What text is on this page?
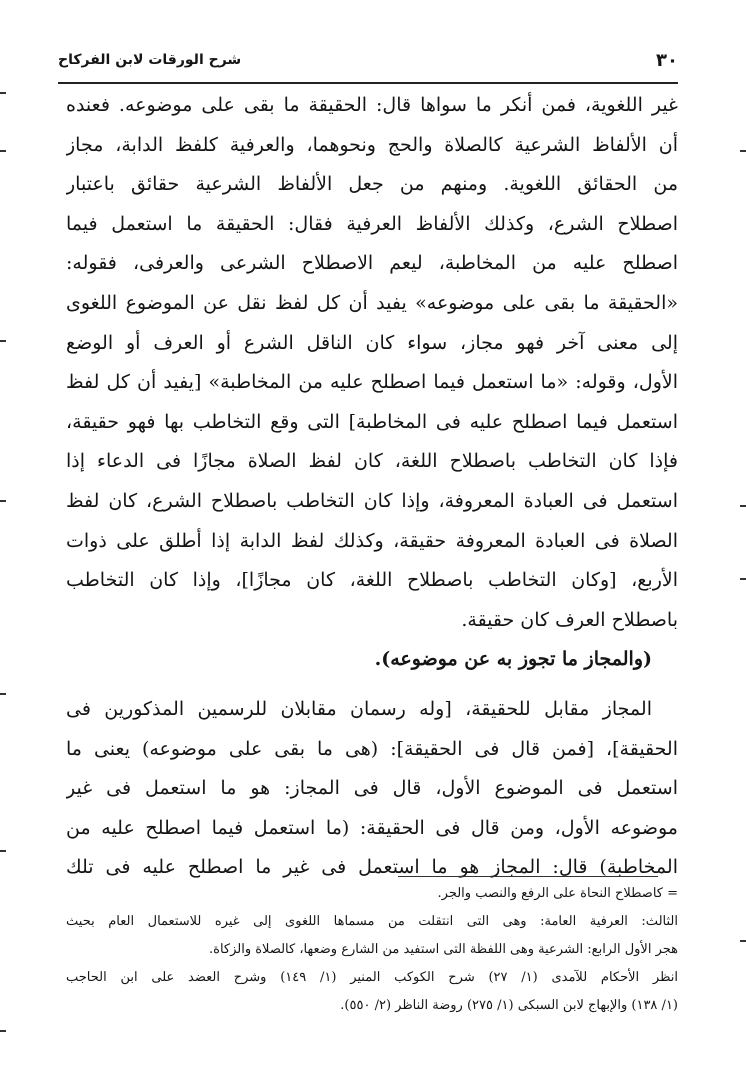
٣٠
شرح الورقات لابن الفركاح
غير اللغوية، فمن أنكر ما سواها قال: الحقيقة ما بقى على موضوعه. فعنده
أن الألفاظ الشرعية كالصلاة والحج ونحوهما، والعرفية كلفظ الدابة، مجاز
من الحقائق اللغوية. ومنهم من جعل الألفاظ الشرعية حقائق باعتبار
اصطلاح الشرع، وكذلك الألفاظ العرفية فقال: الحقيقة ما استعمل فيما
اصطلح عليه من المخاطبة، ليعم الاصطلاح الشرعى والعرفى، فقوله:
«الحقيقة ما بقى على موضوعه» يفيد أن كل لفظ نقل عن الموضوع اللغوى
إلى معنى آخر فهو مجاز، سواء كان الناقل الشرع أو العرف أو الوضع
الأول، وقوله: «ما استعمل فيما اصطلح عليه من المخاطبة» [يفيد أن كل لفظ
استعمل فيما اصطلح عليه فى المخاطبة] التى وقع التخاطب بها فهو حقيقة،
فإذا كان التخاطب باصطلاح اللغة، كان لفظ الصلاة مجازًا فى الدعاء إذا
استعمل فى العبادة المعروفة، وإذا كان التخاطب باصطلاح الشرع، كان لفظ
الصلاة فى العبادة المعروفة حقيقة، وكذلك لفظ الدابة إذا أطلق على ذوات
الأربع، [وكان التخاطب باصطلاح اللغة، كان مجازًا]، وإذا كان التخاطب
باصطلاح العرف كان حقيقة.
(والمجاز ما تجوز به عن موضوعه).
المجاز مقابل للحقيقة، [وله رسمان مقابلان للرسمين المذكورين فى
الحقيقة]، [فمن قال فى الحقيقة]: (هى ما بقى على موضوعه) يعنى ما
استعمل فى الموضوع الأول، قال فى المجاز: هو ما استعمل فى غير
موضوعه الأول، ومن قال فى الحقيقة: (ما استعمل فيما اصطلح عليه من
المخاطبة) قال: المجاز هو ما استعمل فى غير ما اصطلح عليه فى تلك
= كاصطلاح النحاة على الرفع والنصب والجر.
الثالث: العرفية العامة: وهى التى انتقلت من مسماها اللغوى إلى غيره للاستعمال العام بحيث
هجر الأول الرابع: الشرعية وهى اللفظة التى استفيد من الشارع وضعها، كالصلاة والزكاة.
انظر الأحكام للآمدى (١/ ٢٧) شرح الكوكب المنير (١/ ١٤٩) وشرح العضد على ابن الحاجب
(١/ ١٣٨) والإبهاج لابن السبكى (١/ ٢٧٥) روضة الناظر (٢/ ٥٥٠).
